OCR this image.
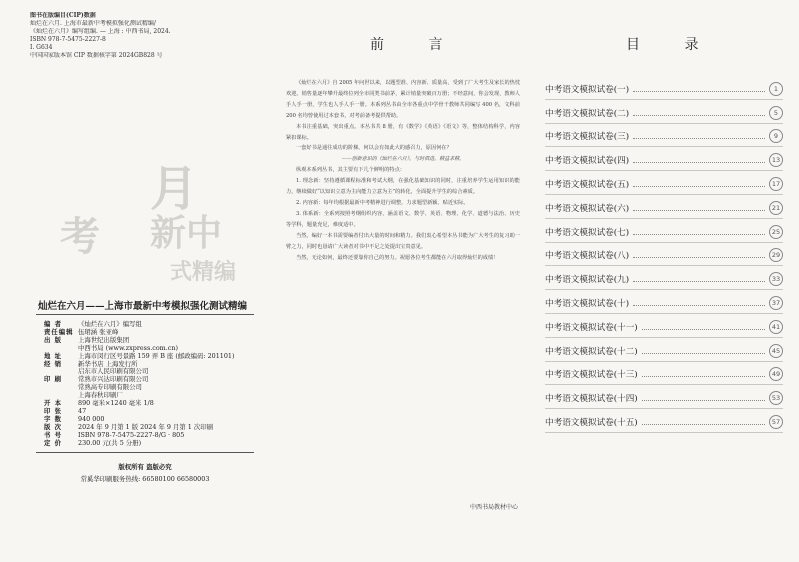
图书在版编目(CIP)数据
灿烂在六月. 上海市最新中考模拟强化测试精编/
《灿烂在六月》编写组编. — 上海 : 中西书局, 2024.
ISBN 978-7-5475-2227-8
Ⅰ. G634
中国国家版本馆 CIP 数据核字第 2024GB828 号
月
考 新中
式精编
灿烂在六月——上海市最新中考模拟强化测试精编
编 者	《灿烂在六月》编写组
责任编辑 伍珺涵 张亚峰
出 版	上海世纪出版集团
中西书局 (www.zxpress.com.cn)
地 址	上海市闵行区号景路 159 弄 B 座 (邮政编码: 201101)
经 销	新华书店 上海发行所
启东市人民印刷有限公司
印 刷	常熟市兴达印刷有限公司
常熟高专印刷有限公司
上海春秋印刷厂
开 本	890 毫米×1240 毫米 1/8
印 张	47
字 数	940 000
版 次	2024 年 9 月第 1 版 2024 年 9 月第 1 次印刷
书 号	ISBN 978-7-5475-2227-8/G · 805
定 价	230.00 元(共 5 分册)
版权所有 盗版必究
常奚华印刷服务热线: 66580100 66580003
前 言

《灿烂在六月》自 2005 年问世以来，以题型准、内容新、质量高，受到了广大考生及家长的热忱欢迎。销售量逐年攀升最终位列全市同类书前茅，累计销量突破百万册；不经意间，你会发现，教师人手人手一册，学生也人手人手一册。本系列丛书由全市各重点中学骨干教师共同编写 400 名，文科前 200 名均曾使用过本套书，对考前备考提供帮助。

本书注重基础，突出重点。本丛书共 8 册，有《数学》《英语》《语文》等，整体结构科学，内容紧扣课标。

一套好书是通往成功的阶梯。何以会有如此大的感召力，原因何在？

——创新意识的《灿烂在六月》，与时俱进，精益求精。

纵观本系列丛书，其主要有下几个鲜明的特点：

1. 理念新：坚持遵循课程标准和考试大纲，在强化基础知识的同时，注重培养学生运用知识的能力，继续做好“以知识立意为主向能力立意为主”的转化，全面提升学生的综合素质。

2. 内容新：每年均根据最新中考精神进行调整，力求题型新颖、贴近实际。

3. 体系新：全系列按照考纲组织内容，涵盖语文、数学、英语、物理、化学、道德与法治、历史等学科，题量充足，难度适中。

当然，编好一本书需要编者付出大量的时间和精力。我们衷心希望本丛书能为广大考生的复习助一臂之力，同时也恳请广大读者对书中不足之处提出宝贵意见。

当然，无论如何，最终还要靠你自己的努力。祝愿各位考生都能在六月取得灿烂的成绩！

中西书局教材中心
目 录
中考语文模拟试卷(一)	1
中考语文模拟试卷(二)	5
中考语文模拟试卷(三)	9
中考语文模拟试卷(四)	13
中考语文模拟试卷(五)	17
中考语文模拟试卷(六)	21
中考语文模拟试卷(七)	25
中考语文模拟试卷(八)	29
中考语文模拟试卷(九)	33
中考语文模拟试卷(十)	37
中考语文模拟试卷(十一)	41
中考语文模拟试卷(十二)	45
中考语文模拟试卷(十三)	49
中考语文模拟试卷(十四)	53
中考语文模拟试卷(十五)	57
